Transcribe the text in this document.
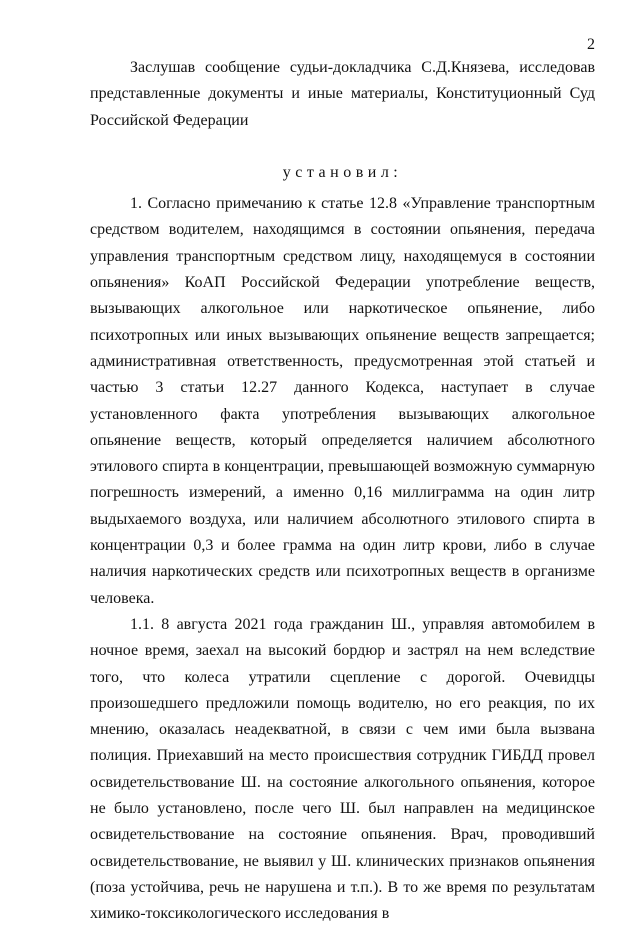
2

Заслушав сообщение судьи-докладчика С.Д.Князева, исследовав представленные документы и иные материалы, Конституционный Суд Российской Федерации

установил:

1. Согласно примечанию к статье 12.8 «Управление транспортным средством водителем, находящимся в состоянии опьянения, передача управления транспортным средством лицу, находящемуся в состоянии опьянения» КоАП Российской Федерации употребление веществ, вызывающих алкогольное или наркотическое опьянение, либо психотропных или иных вызывающих опьянение веществ запрещается; административная ответственность, предусмотренная этой статьей и частью 3 статьи 12.27 данного Кодекса, наступает в случае установленного факта употребления вызывающих алкогольное опьянение веществ, который определяется наличием абсолютного этилового спирта в концентрации, превышающей возможную суммарную погрешность измерений, а именно 0,16 миллиграмма на один литр выдыхаемого воздуха, или наличием абсолютного этилового спирта в концентрации 0,3 и более грамма на один литр крови, либо в случае наличия наркотических средств или психотропных веществ в организме человека.

1.1. 8 августа 2021 года гражданин Ш., управляя автомобилем в ночное время, заехал на высокий бордюр и застрял на нем вследствие того, что колеса утратили сцепление с дорогой. Очевидцы произошедшего предложили помощь водителю, но его реакция, по их мнению, оказалась неадекватной, в связи с чем ими была вызвана полиция. Приехавший на место происшествия сотрудник ГИБДД провел освидетельствование Ш. на состояние алкогольного опьянения, которое не было установлено, после чего Ш. был направлен на медицинское освидетельствование на состояние опьянения. Врач, проводивший освидетельствование, не выявил у Ш. клинических признаков опьянения (поза устойчива, речь не нарушена и т.п.). В то же время по результатам химико-токсикологического исследования в
